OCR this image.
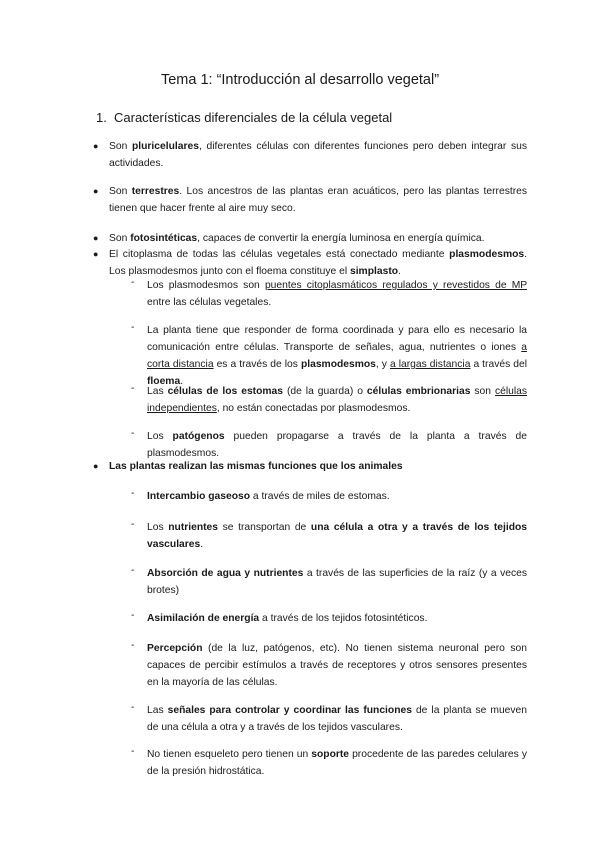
Tema 1: “Introducción al desarrollo vegetal”
1. Características diferenciales de la célula vegetal
● Son pluricelulares, diferentes células con diferentes funciones pero deben integrar sus actividades.
● Son terrestres. Los ancestros de las plantas eran acuáticos, pero las plantas terrestres tienen que hacer frente al aire muy seco.
● Son fotosintéticas, capaces de convertir la energía luminosa en energía química.
● El citoplasma de todas las células vegetales está conectado mediante plasmodesmos. Los plasmodesmos junto con el floema constituye el simplasto.
- Los plasmodesmos son puentes citoplasmáticos regulados y revestidos de MP entre las células vegetales.
- La planta tiene que responder de forma coordinada y para ello es necesario la comunicación entre células. Transporte de señales, agua, nutrientes o iones a corta distancia es a través de los plasmodesmos, y a largas distancia a través del floema.
- Las células de los estomas (de la guarda) o células embrionarias son células independientes, no están conectadas por plasmodesmos.
- Los patógenos pueden propagarse a través de la planta a través de plasmodesmos.
● Las plantas realizan las mismas funciones que los animales
- Intercambio gaseoso a través de miles de estomas.
- Los nutrientes se transportan de una célula a otra y a través de los tejidos vasculares.
- Absorción de agua y nutrientes a través de las superficies de la raíz (y a veces brotes)
- Asimilación de energía a través de los tejidos fotosintéticos.
- Percepción (de la luz, patógenos, etc). No tienen sistema neuronal pero son capaces de percibir estímulos a través de receptores y otros sensores presentes en la mayoría de las células.
- Las señales para controlar y coordinar las funciones de la planta se mueven de una célula a otra y a través de los tejidos vasculares.
- No tienen esqueleto pero tienen un soporte procedente de las paredes celulares y de la presión hidrostática.
